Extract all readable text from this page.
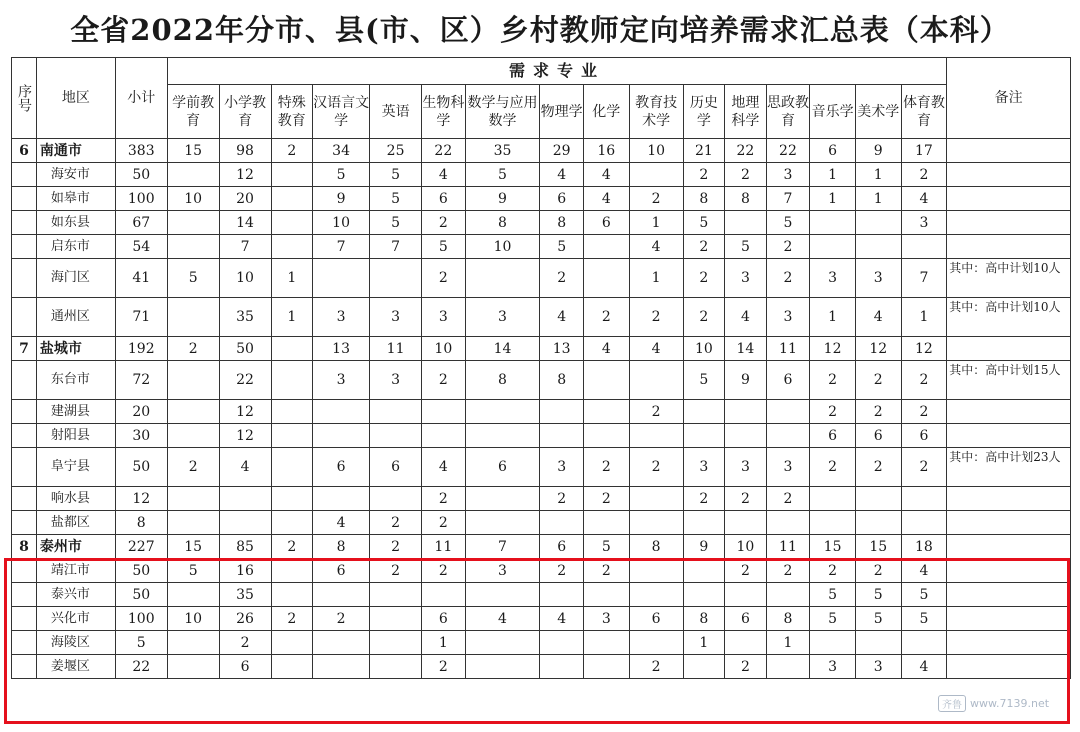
全省2022年分市、县(市、区）乡村教师定向培养需求汇总表（本科）
序号	地区	小计	需求专业																备注
			学前教育	小学教育	特殊教育	汉语言文学	英语	生物科学	数学与应用数学	物理学	化学	教育技术学	历史学	地理科学	思政教育	音乐学	美术学	体育教育	
6	南通市	383	15	98	2	34	25	22	35	29	16	10	21	22	22	6	9	17	
	海安市	50		12		5	5	4	5	4	4		2	2	3	1	1	2	
	如皋市	100	10	20		9	5	6	9	6	4	2	8	8	7	1	1	4	
	如东县	67		14		10	5	2	8	8	6	1	5		5			3	
	启东市	54		7		7	7	5	10	5		4	2	5	2				
	海门区	41	5	10	1			2		2		1	2	3	2	3	3	7	其中：高中计划10人
	通州区	71		35	1	3	3	3	3	4	2	2	2	4	3	1	4	1	其中：高中计划10人
7	盐城市	192	2	50		13	11	10	14	13	4	4	10	14	11	12	12	12	
	东台市	72		22		3	3	2	8	8			5	9	6	2	2	2	其中：高中计划15人
	建湖县	20		12								2				2	2	2	
	射阳县	30		12												6	6	6	
	阜宁县	50	2	4		6	6	4	6	3	2	2	3	3	3	2	2	2	其中：高中计划23人
	响水县	12						2		2	2		2	2	2				
	盐都区	8				4	2	2											
8	泰州市	227	15	85	2	8	2	11	7	6	5	8	9	10	11	15	15	18	
	靖江市	50	5	16		6	2	2	3	2	2			2	2	2	2	4	
	泰兴市	50		35												5	5	5	
	兴化市	100	10	26	2	2		6	4	4	3	6	8	6	8	5	5	5	
	海陵区	5		2				1					1		1				
	姜堰区	22		6				2				2		2		3	3	4	
齐鲁 www.7139.net
